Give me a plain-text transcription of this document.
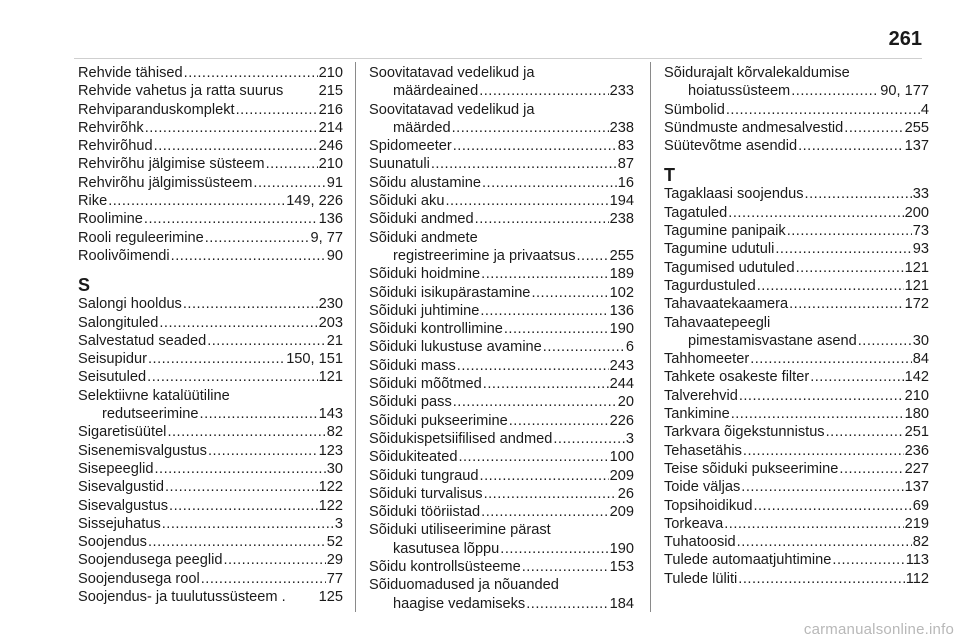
261
Rehvide tähised .....	210
Rehvide vahetus ja ratta suurus 215
Rehviparanduskomplekt .....	216
Rehvirõhk .....	214
Rehvirõhud .....	246
Rehvirõhu jälgimise süsteem .....	210
Rehvirõhu jälgimissüsteem .....	91
Rike .....	149, 226
Roolimine .....	136
Rooli reguleerimine .....	9, 77
Roolivõimendi .....	90
S
Salongi hooldus .....	230
Salongituled .....	203
Salvestatud seaded .....	21
Seisupidur .....	150, 151
Seisutuled .....	121
Selektiivne katalüütiline
redutseerimine .....	143
Sigaretisüütel .....	82
Sisenemisvalgustus .....	123
Sisepeeglid .....	30
Sisevalgustid .....	122
Sisevalgustus .....	122
Sissejuhatus .....	3
Soojendus .....	52
Soojendusega peeglid .....	29
Soojendusega rool .....	77
Soojendus- ja tuulutussüsteem . 125
Soovitatavad vedelikud ja
määrdeained .....	233
Soovitatavad vedelikud ja
määrded .....	238
Spidomeeter .....	83
Suunatuli .....	87
Sõidu alustamine .....	16
Sõiduki aku .....	194
Sõiduki andmed .....	238
Sõiduki andmete
registreerimine ja privaatsus ..... 255
Sõiduki hoidmine .....	189
Sõiduki isikupärastamine .....	102
Sõiduki juhtimine .....	136
Sõiduki kontrollimine .....	190
Sõiduki lukustuse avamine .....	6
Sõiduki mass .....	243
Sõiduki mõõtmed .....	244
Sõiduki pass .....	20
Sõiduki pukseerimine .....	226
Sõidukispetsiifilised andmed .....	3
Sõidukiteated .....	100
Sõiduki tungraud .....	209
Sõiduki turvalisus .....	26
Sõiduki tööriistad .....	209
Sõiduki utiliseerimine pärast
kasutusea lõppu .....	190
Sõidu kontrollsüsteeme .....	153
Sõiduomadused ja nõuanded
haagise vedamiseks .....	184
Sõidurajalt kõrvalekaldumise
hoiatussüsteem .....	90, 177
Sümbolid .....	4
Sündmuste andmesalvestid .....	255
Süütevõtme asendid .....	137
T
Tagaklaasi soojendus .....	33
Tagatuled .....	200
Tagumine panipaik .....	73
Tagumine udutuli .....	93
Tagumised udutuled .....	121
Tagurdustuled .....	121
Tahavaatekaamera .....	172
Tahavaatepeegli
pimestamisvastane asend .....	30
Tahhomeeter .....	84
Tahkete osakeste filter .....	142
Talverehvid .....	210
Tankimine .....	180
Tarkvara õigekstunnistus .....	251
Tehasetähis .....	236
Teise sõiduki pukseerimine .....	227
Toide väljas .....	137
Topsihoidikud .....	69
Torkeava .....	219
Tuhatoosid .....	82
Tulede automaatjuhtimine .....	113
Tulede lüliti .....	112
carmanualsonline.info
